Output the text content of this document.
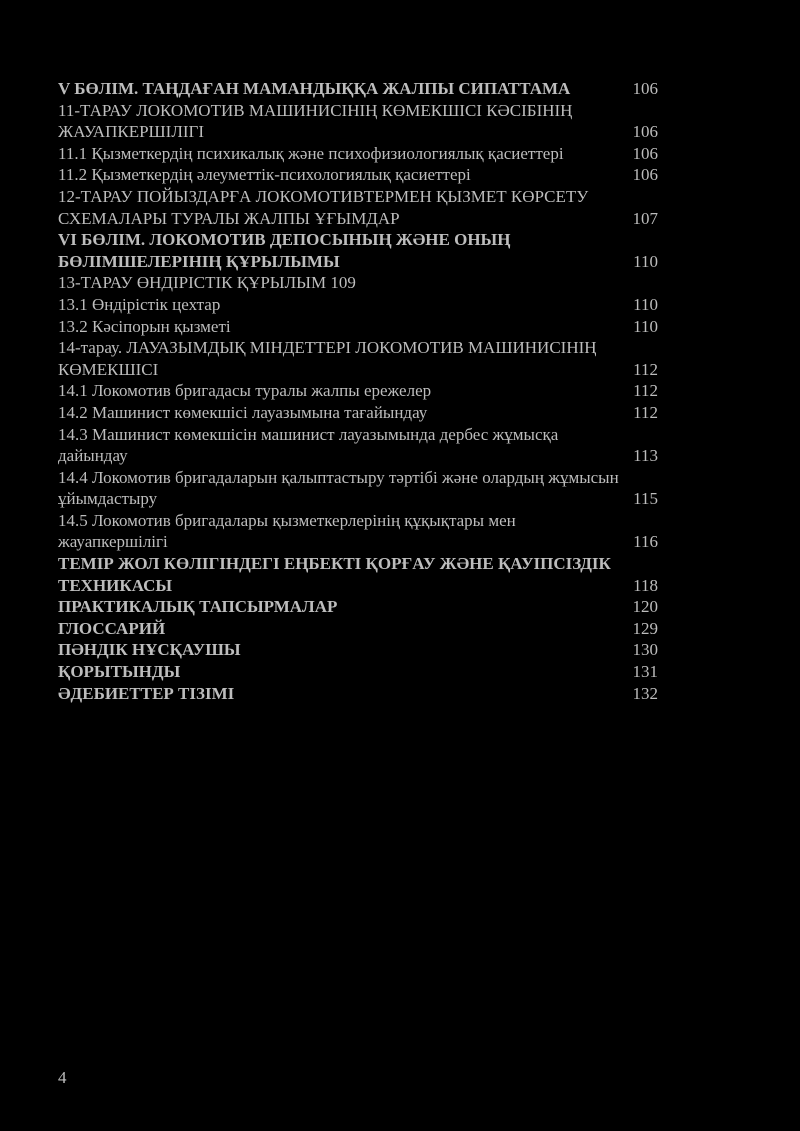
V БӨЛІМ. ТАҢДАҒАН МАМАНДЫҚҚА ЖАЛПЫ СИПАТТАМА	106
11-ТАРАУ ЛОКОМОТИВ МАШИНИСІНІҢ КӨМЕКШІСІ КӘСІБІНІҢ ЖАУАПКЕРШІЛІГІ	106
11.1 Қызметкердің психикалық және психофизиологиялық қасиеттері	106
11.2 Қызметкердің әлеуметтік-психологиялық қасиеттері	106
12-ТАРАУ ПОЙЫЗДАРҒА ЛОКОМОТИВТЕРМЕН ҚЫЗМЕТ КӨРСЕТУ СХЕМАЛАРЫ ТУРАЛЫ ЖАЛПЫ ҰҒЫМДАР	107
VI БӨЛІМ. ЛОКОМОТИВ ДЕПОСЫНЫҢ ЖӘНЕ ОНЫҢ БӨЛІМШЕЛЕРІНІҢ ҚҰРЫЛЫМЫ	110
13-ТАРАУ ӨНДІРІСТІК ҚҰРЫЛЫМ 109
13.1 Өндірістік цехтар	110
13.2 Кәсіпорын қызметі	110
14-тарау. ЛАУАЗЫМДЫҚ МІНДЕТТЕРІ ЛОКОМОТИВ МАШИНИСІНІҢ КӨМЕКШІСІ	112
14.1 Локомотив бригадасы туралы жалпы ережелер	112
14.2 Машинист көмекшісі лауазымына тағайындау	112
14.3 Машинист көмекшісін машинист лауазымында дербес жұмысқа дайындау	113
14.4 Локомотив бригадаларын қалыптастыру тәртібі және олардың жұмысын ұйымдастыру	115
14.5 Локомотив бригадалары қызметкерлерінің құқықтары мен жауапкершілігі	116
ТЕМІР ЖОЛ КӨЛІГІНДЕГІ ЕҢБЕКТІ ҚОРҒАУ ЖӘНЕ ҚАУІПСІЗДІК ТЕХНИКАСЫ	118
ПРАКТИКАЛЫҚ ТАПСЫРМАЛАР	120
ГЛОССАРИЙ	129
ПӘНДІК НҰСҚАУШЫ	130
ҚОРЫТЫНДЫ	131
ӘДЕБИЕТТЕР ТІЗІМІ	132
4
